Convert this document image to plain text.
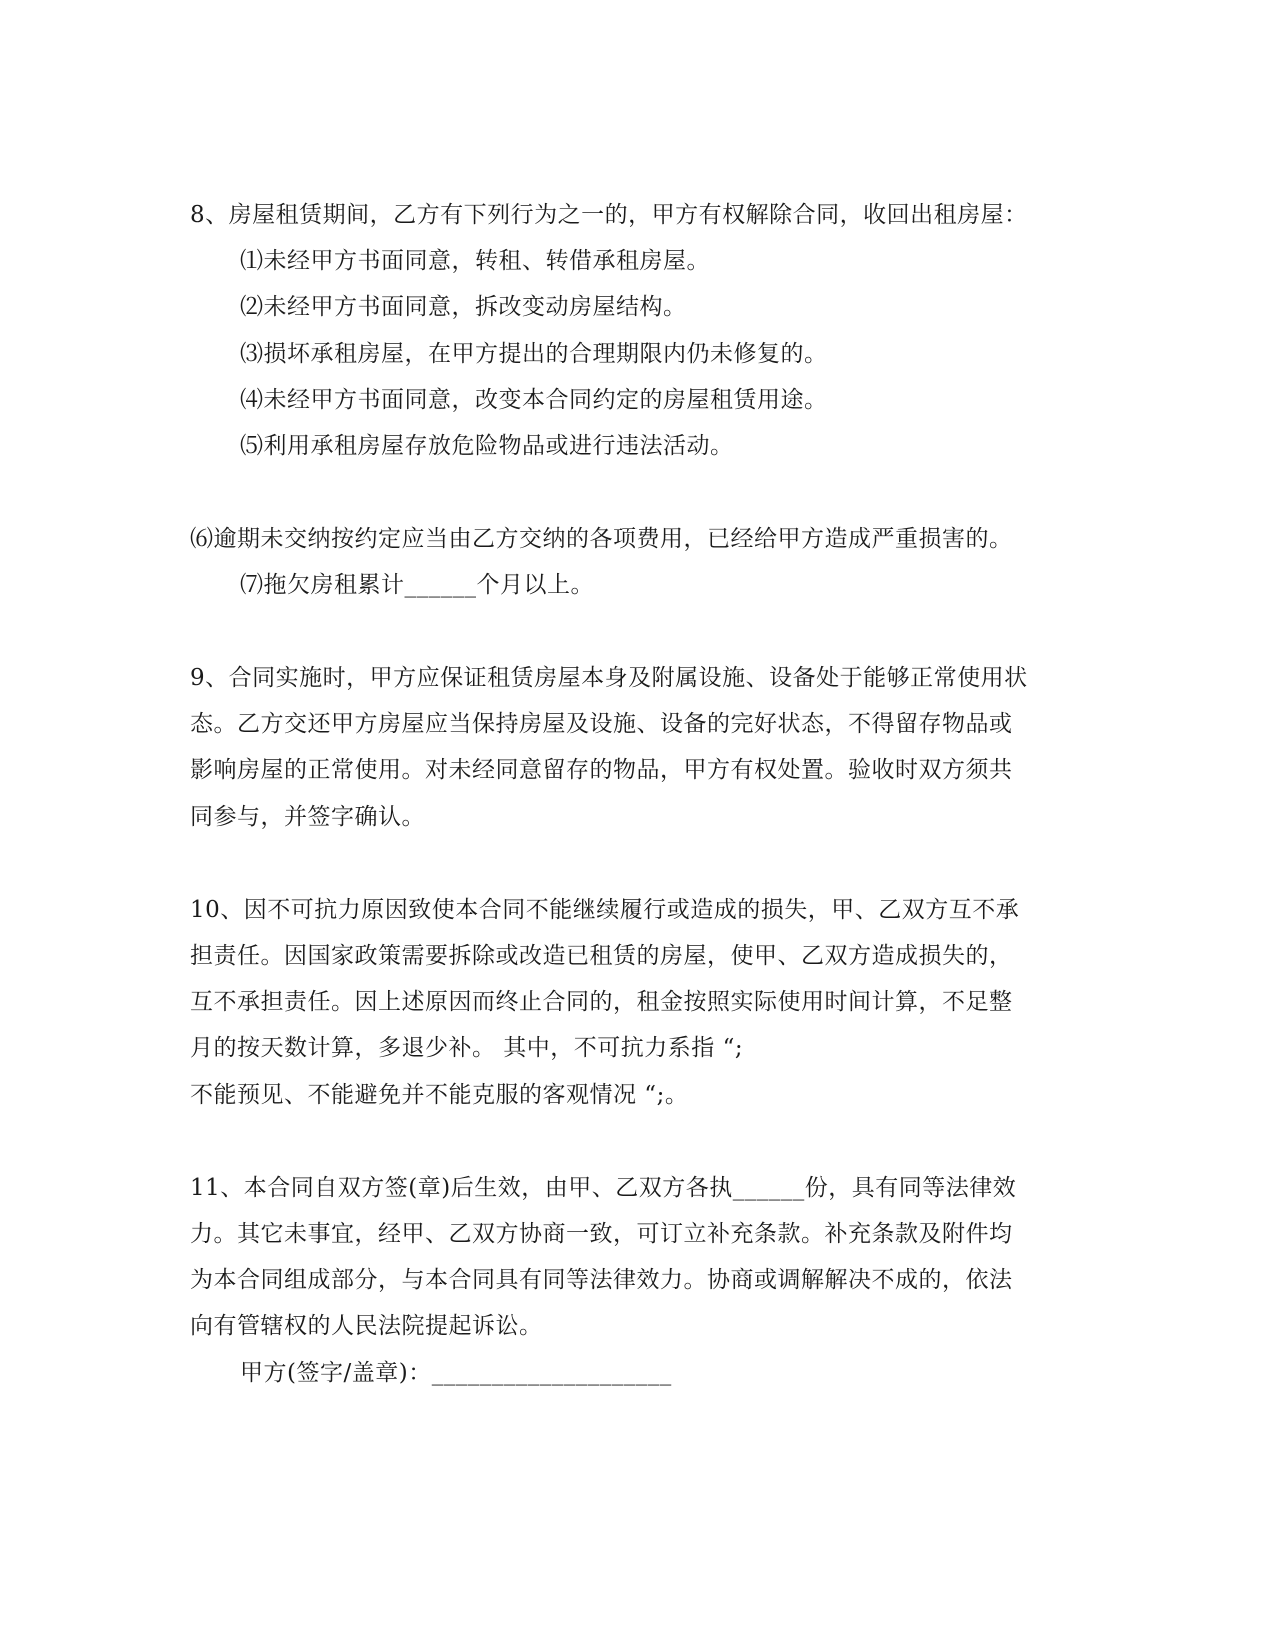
8、房屋租赁期间，乙方有下列行为之一的，甲方有权解除合同，收回出租房屋：
⑴未经甲方书面同意，转租、转借承租房屋。
⑵未经甲方书面同意，拆改变动房屋结构。
⑶损坏承租房屋，在甲方提出的合理期限内仍未修复的。
⑷未经甲方书面同意，改变本合同约定的房屋租赁用途。
⑸利用承租房屋存放危险物品或进行违法活动。
⑹逾期未交纳按约定应当由乙方交纳的各项费用，已经给甲方造成严重损害的。
⑺拖欠房租累计______个月以上。
9、合同实施时，甲方应保证租赁房屋本身及附属设施、设备处于能够正常使用状
态。乙方交还甲方房屋应当保持房屋及设施、设备的完好状态，不得留存物品或
影响房屋的正常使用。对未经同意留存的物品，甲方有权处置。验收时双方须共
同参与，并签字确认。
10、因不可抗力原因致使本合同不能继续履行或造成的损失，甲、乙双方互不承
担责任。因国家政策需要拆除或改造已租赁的房屋，使甲、乙双方造成损失的，
互不承担责任。因上述原因而终止合同的，租金按照实际使用时间计算，不足整
月的按天数计算，多退少补。 其中，不可抗力系指 “;
不能预见、不能避免并不能克服的客观情况 “;。
11、本合同自双方签(章)后生效，由甲、乙双方各执______份，具有同等法律效
力。其它未事宜，经甲、乙双方协商一致，可订立补充条款。补充条款及附件均
为本合同组成部分，与本合同具有同等法律效力。协商或调解解决不成的，依法
向有管辖权的人民法院提起诉讼。
甲方(签字/盖章)：____________________
